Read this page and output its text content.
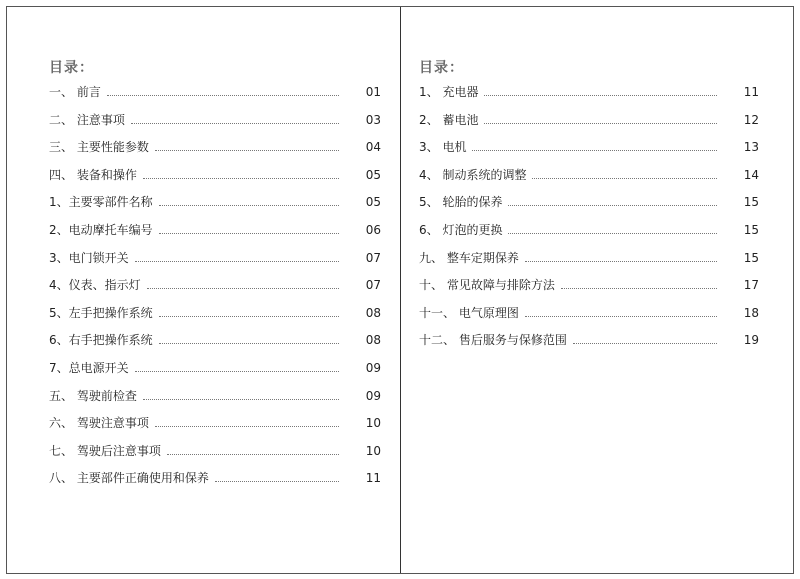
目录：
一、 前言	01
二、 注意事项	03
三、 主要性能参数	04
四、 装备和操作	05
1、主要零部件名称	05
2、电动摩托车编号	06
3、电门锁开关	07
4、仪表、指示灯	07
5、左手把操作系统	08
6、右手把操作系统	08
7、总电源开关	09
五、 驾驶前检查	09
六、 驾驶注意事项	10
七、 驾驶后注意事项	10
八、 主要部件正确使用和保养	11
目录：
1、 充电器	11
2、 蓄电池	12
3、 电机	13
4、 制动系统的调整	14
5、 轮胎的保养	15
6、 灯泡的更换	15
九、 整车定期保养	15
十、 常见故障与排除方法	17
十一、 电气原理图	18
十二、 售后服务与保修范围	19
